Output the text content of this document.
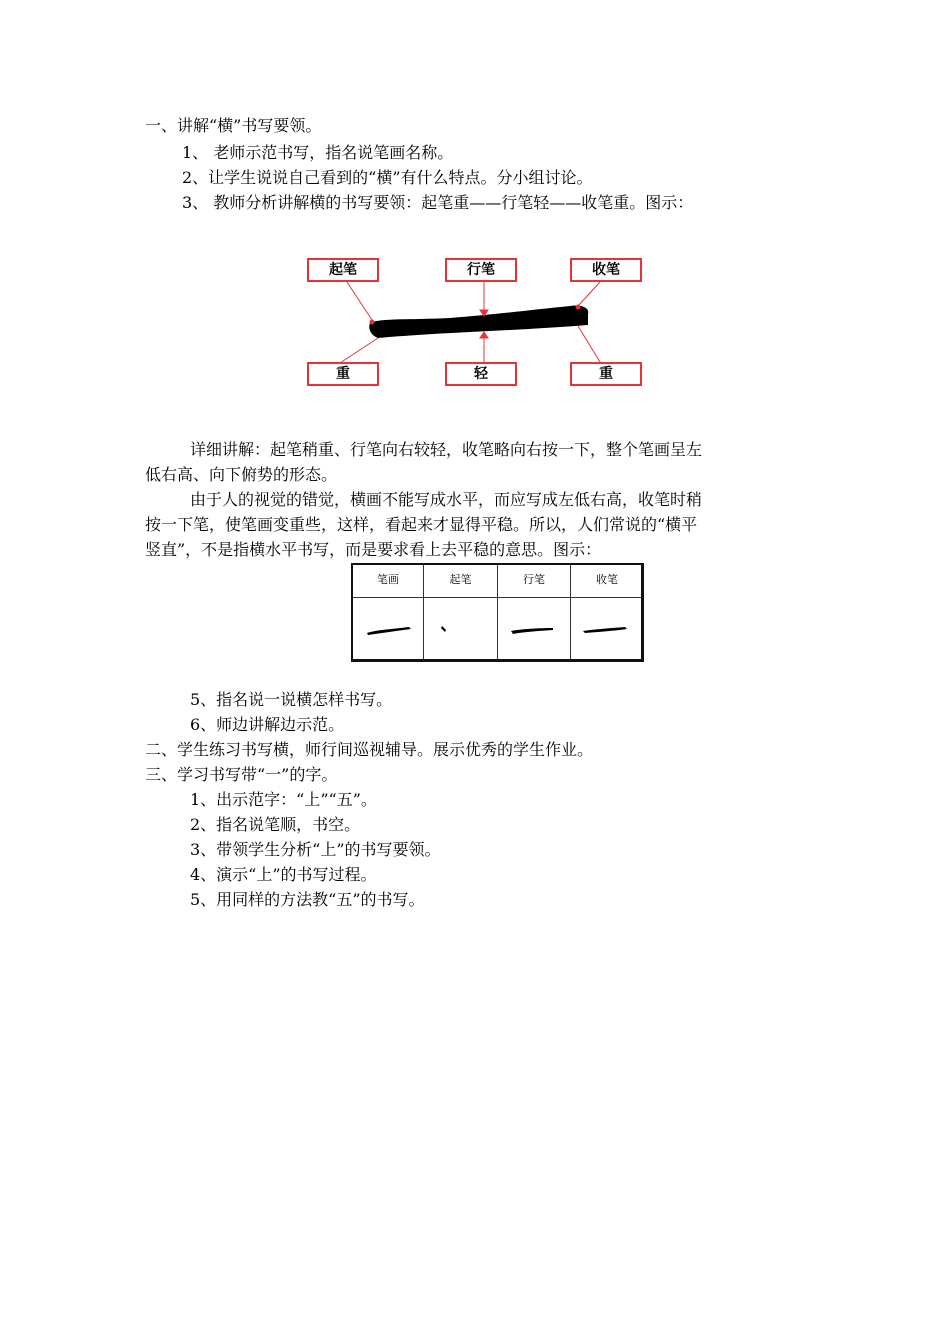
一、讲解“横”书写要领。
1、 老师示范书写，指名说笔画名称。
2、让学生说说自己看到的“横”有什么特点。分小组讨论。
3、 教师分析讲解横的书写要领：起笔重——行笔轻——收笔重。图示：
起笔	行笔	收笔
重	轻	重
详细讲解：起笔稍重、行笔向右较轻，收笔略向右按一下，整个笔画呈左
低右高、向下俯势的形态。
由于人的视觉的错觉，横画不能写成水平，而应写成左低右高，收笔时稍
按一下笔，使笔画变重些，这样，看起来才显得平稳。所以，人们常说的“横平
竖直”，不是指横水平书写，而是要求看上去平稳的意思。图示：
笔画	起笔	行笔	收笔
5、指名说一说横怎样书写。
6、师边讲解边示范。
二、学生练习书写横，师行间巡视辅导。展示优秀的学生作业。
三、学习书写带“一”的字。
1、出示范字：“上”“五”。
2、指名说笔顺，书空。
3、带领学生分析“上”的书写要领。
4、演示“上”的书写过程。
5、用同样的方法教“五”的书写。
